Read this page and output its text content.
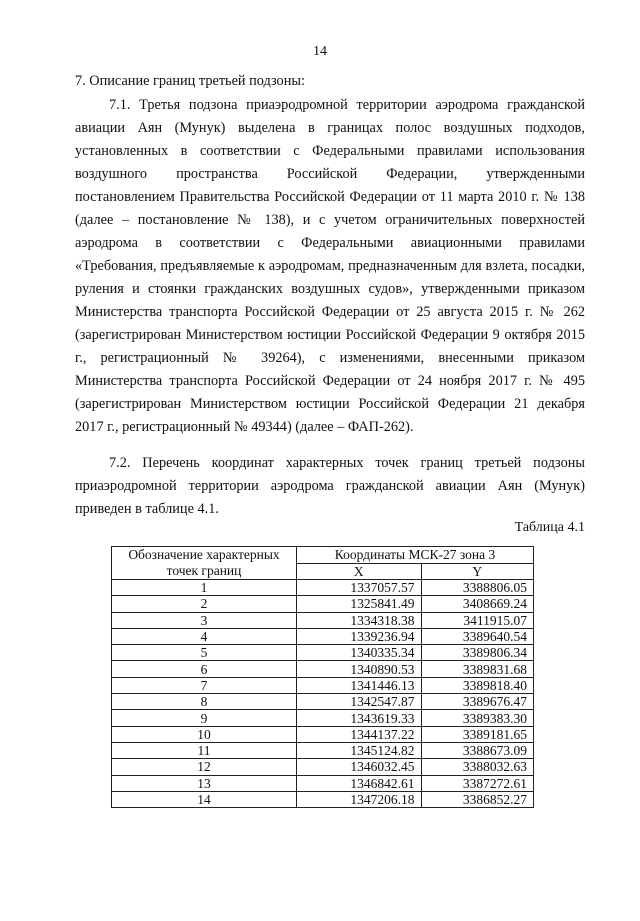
14
7. Описание границ третьей подзоны:

7.1. Третья подзона приаэродромной территории аэродрома гражданской авиации Аян (Мунук) выделена в границах полос воздушных подходов, установленных в соответствии с Федеральными правилами использования воздушного пространства Российской Федерации, утвержденными постановлением Правительства Российской Федерации от 11 марта 2010 г. № 138 (далее – постановление № 138), и с учетом ограничительных поверхностей аэродрома в соответствии с Федеральными авиационными правилами «Требования, предъявляемые к аэродромам, предназначенным для взлета, посадки, руления и стоянки гражданских воздушных судов», утвержденными приказом Министерства транспорта Российской Федерации от 25 августа 2015 г. № 262 (зарегистрирован Министерством юстиции Российской Федерации 9 октября 2015 г., регистрационный № 39264), с изменениями, внесенными приказом Министерства транспорта Российской Федерации от 24 ноября 2017 г. № 495 (зарегистрирован Министерством юстиции Российской Федерации 21 декабря 2017 г., регистрационный № 49344) (далее – ФАП-262).

7.2. Перечень координат характерных точек границ третьей подзоны приаэродромной территории аэродрома гражданской авиации Аян (Мунук) приведен в таблице 4.1.

Таблица 4.1
Обозначение характерных точек границ	Координаты МСК-27 зона 3	
	X	Y
1	1337057.57	3388806.05
2	1325841.49	3408669.24
3	1334318.38	3411915.07
4	1339236.94	3389640.54
5	1340335.34	3389806.34
6	1340890.53	3389831.68
7	1341446.13	3389818.40
8	1342547.87	3389676.47
9	1343619.33	3389383.30
10	1344137.22	3389181.65
11	1345124.82	3388673.09
12	1346032.45	3388032.63
13	1346842.61	3387272.61
14	1347206.18	3386852.27
